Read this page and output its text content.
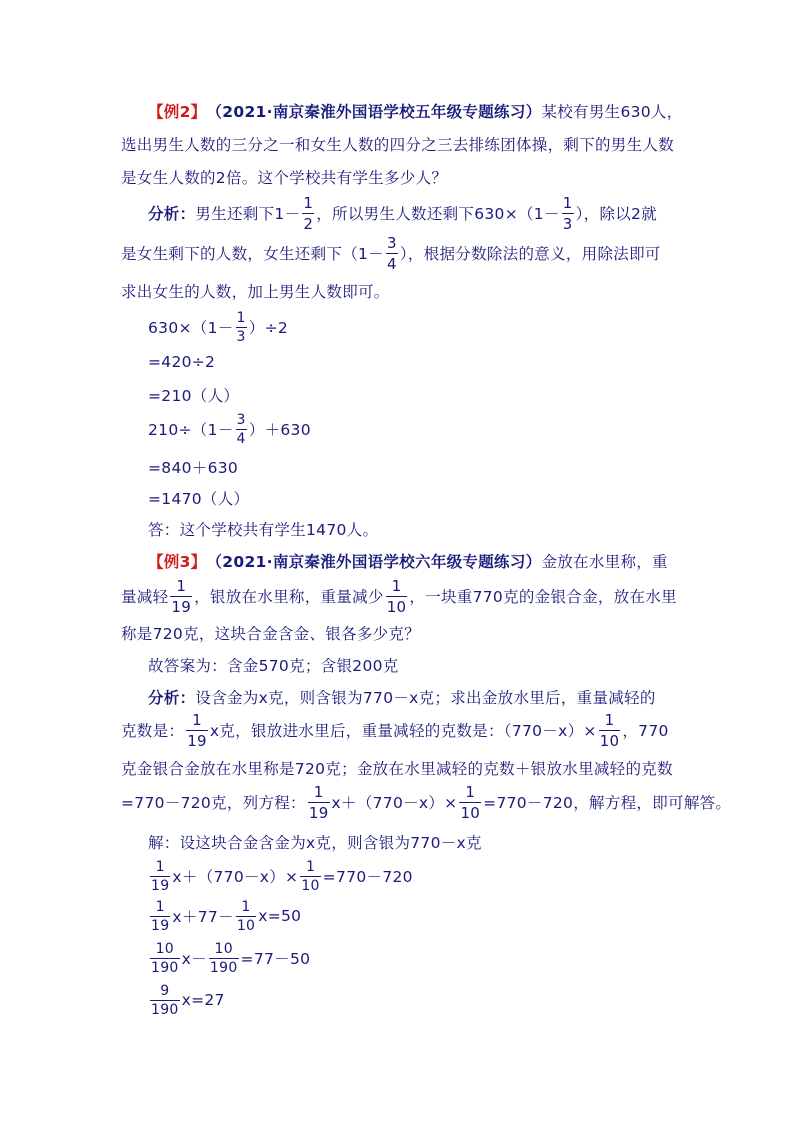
【例2】 （2021·南京秦淮外国语学校五年级专题练习） 某校有男生630人，
选出男生人数的三分之一和女生人数的四分之三去排练团体操，剩下的男生人数
是女生人数的2倍。这个学校共有学生多少人？
分析： 男生还剩下$1- \frac{1}{2}$ ，所以男生人数还剩下$630\times(1- \frac{1}{3}$ ），除以2就
是女生剩下的人数，女生还剩下（$1- \frac{3}{4}$ ），根据分数除法的意义，用除法即可
求出女生的人数，加上男生人数即可。
$630\times(1- \frac{1}{3} )\div 2$
=420÷2
=210（人）
$210\div(1- \frac{3}{4} )+630$
=840＋630
=1470（人）
答：这个学校共有学生1470人。
【例3】 （2021·南京秦淮外国语学校六年级专题练习） 金放在水里称，重
量减轻 $\frac{1}{19}$ ，银放在水里称，重量减少 $\frac{1}{10}$ ，一块重770克的金银合金，放在水里
称是720克，这块合金含金、银各多少克？
故答案为：含金570克；含银200克
分析： 设含金为x克，则含银为770－x克；求出金放水里后，重量减轻的
克数是： $\frac{1}{19}$ x克，银放进水里后，重量减轻的克数是：$(770-x)\times \frac{1}{10}$ ，770
克金银合金放在水里称是720克；金放在水里减轻的克数＋银放水里减轻的克数
=770－720克，列方程： $\frac{1}{19} x+(770-x)\times \frac{1}{10} =770-720$，解方程，即可解答。
解：设这块合金含金为x克，则含银为770－x克
$\frac{1}{19} x+(770-x)\times \frac{1}{10} =770-720$
$\frac{1}{19} x+77- \frac{1}{10} x=50$
$\frac{10}{190} x- \frac{10}{190} =77-50$
$\frac{9}{190} x=27$
